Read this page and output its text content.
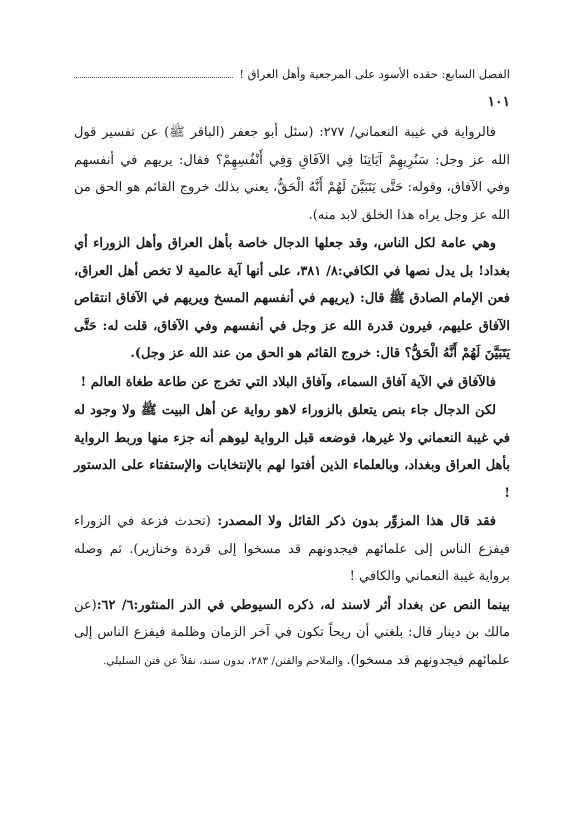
الفصل السابع: حقده الأسود على المرجعية وأهل العراق !
١٠١

فالرواية في غيبة النعماني/ ٢٧٧: (سئل أبو جعفر (الباقر ﷺ) عن تفسير قول الله عز وجل: سَنُرِيهِمْ آيَاتِنَا فِي الآفَاقِ وَفِي أَنْفُسِهِمْ؟ فقال: يريهم في أنفسهم وفي الآفاق، وقوله: حَتَّى يَتَبَيَّنَ لَهُمْ أَنَّهُ الْحَقُّ، يعني بذلك خروج القائم هو الحق من الله عز وجل يراه هذا الخلق لابد منه).

وهي عامة لكل الناس، وقد جعلها الدجال خاصة بأهل العراق وأهل الزوراء أي بغداد! بل يدل نصها في الكافي:٨/ ٣٨١، على أنها آية عالمية لا تخص أهل العراق، فعن الإمام الصادق ﷺ قال: (يريهم في أنفسهم المسخ ويريهم في الآفاق انتقاص الآفاق عليهم، فيرون قدرة الله عز وجل في أنفسهم وفي الآفاق، قلت له: حَتَّى يَتَبَيَّنَ لَهُمْ أَنَّهُ الْحَقُّ؟ قال: خروج القائم هو الحق من عند الله عز وجل).

فالآفاق في الآية آفاق السماء، وآفاق البلاد التي تخرج عن طاعة طغاة العالم !

لكن الدجال جاء بنص يتعلق بالزوراء لاهو رواية عن أهل البيت ﷺ ولا وجود له في غيبة النعماني ولا غيرها، فوضعه قبل الرواية ليوهم أنه جزء منها وربط الرواية بأهل العراق وبغداد، وبالعلماء الذين أفتوا لهم بالإنتخابات والإستفتاء على الدستور !

فقد قال هذا المزوِّر بدون ذكر القائل ولا المصدر: (تحدث فزعة في الزوراء فيفزع الناس إلى علمائهم فيجدونهم قد مسخوا إلى قردة وخنازير). ثم وصله برواية غيبة النعماني والكافي !

بينما النص عن بغداد أثر لاسند له، ذكره السيوطي في الدر المنثور:٦/ ٦٢:(عن مالك بن دينار قال: بلغني أن ريحاً تكون في آخر الزمان وظلمة فيفزع الناس إلى علمائهم فيجدونهم قد مسخوا). والملاحم والفتن/ ٢٨٣، بدون سند، نقلاً عن فتن السليلي.
